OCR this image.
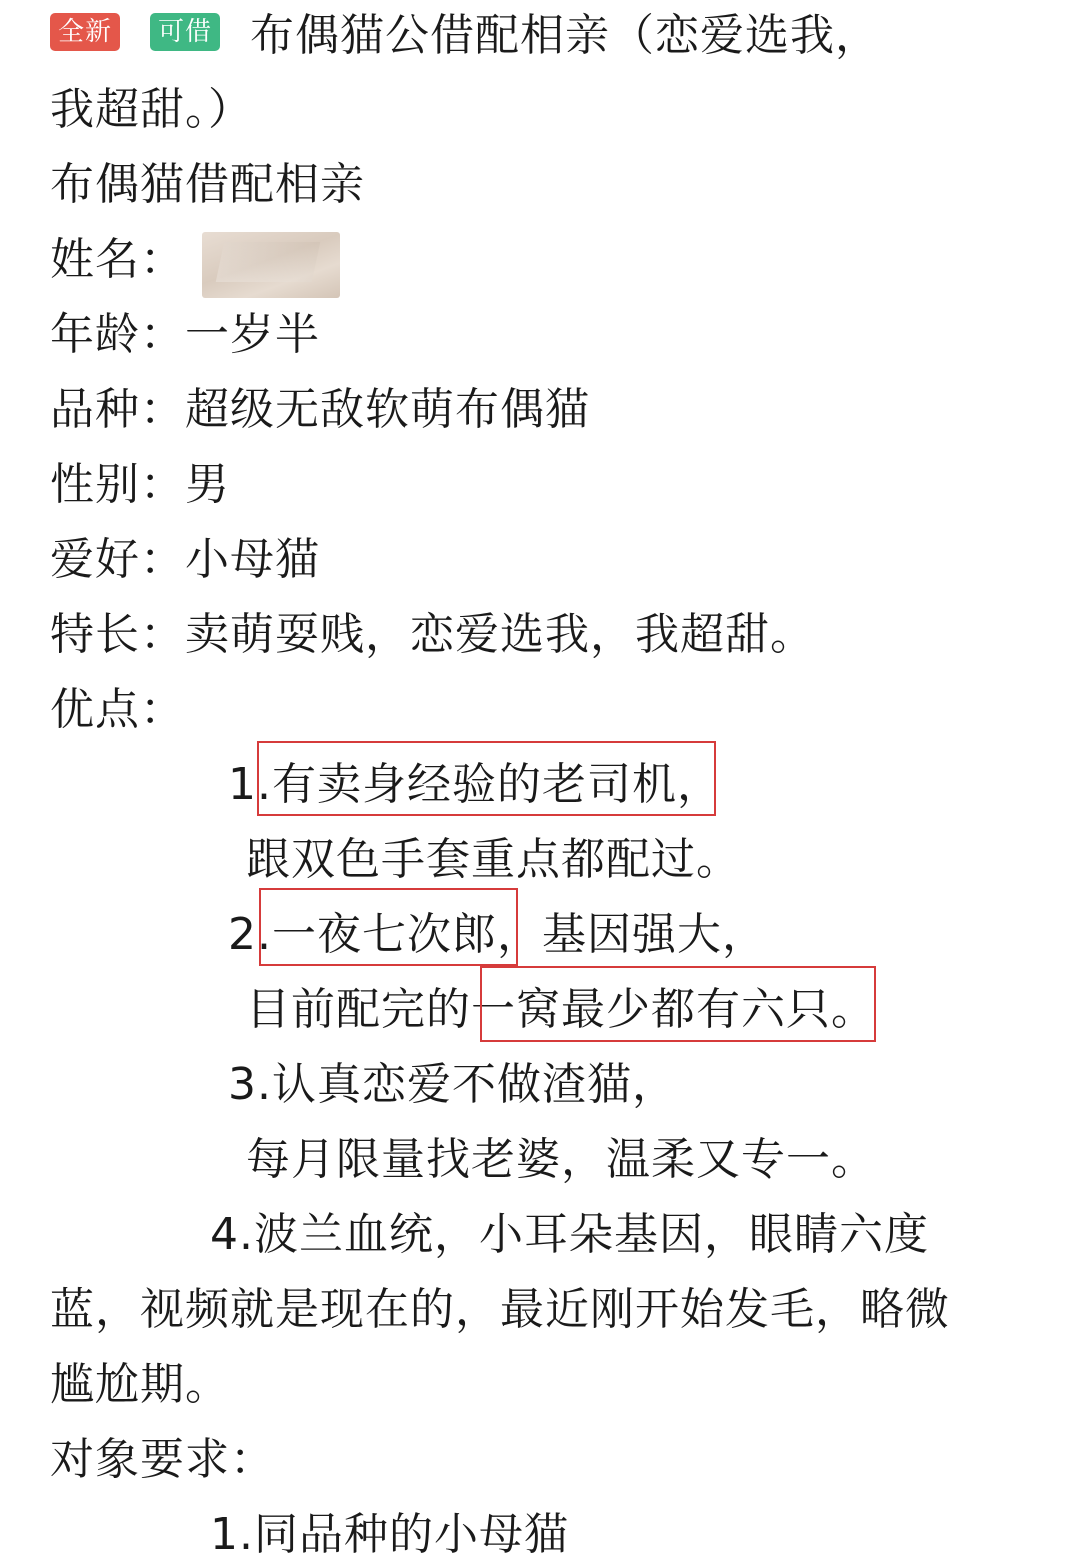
全新	可借 布偶猫公借配相亲（恋爱选我，
我超甜。）
布偶猫借配相亲
姓名：
年龄：一岁半
品种：超级无敌软萌布偶猫
性别：男
爱好：小母猫
特长：卖萌耍贱，恋爱选我，我超甜。
优点：
1.有卖身经验的老司机，
跟双色手套重点都配过。
2.一夜七次郎，基因强大，
目前配完的一窝最少都有六只。
3.认真恋爱不做渣猫，
每月限量找老婆，温柔又专一。
4.波兰血统，小耳朵基因，眼睛六度
蓝，视频就是现在的，最近刚开始发毛，略微
尴尬期。
对象要求：
1.同品种的小母猫
